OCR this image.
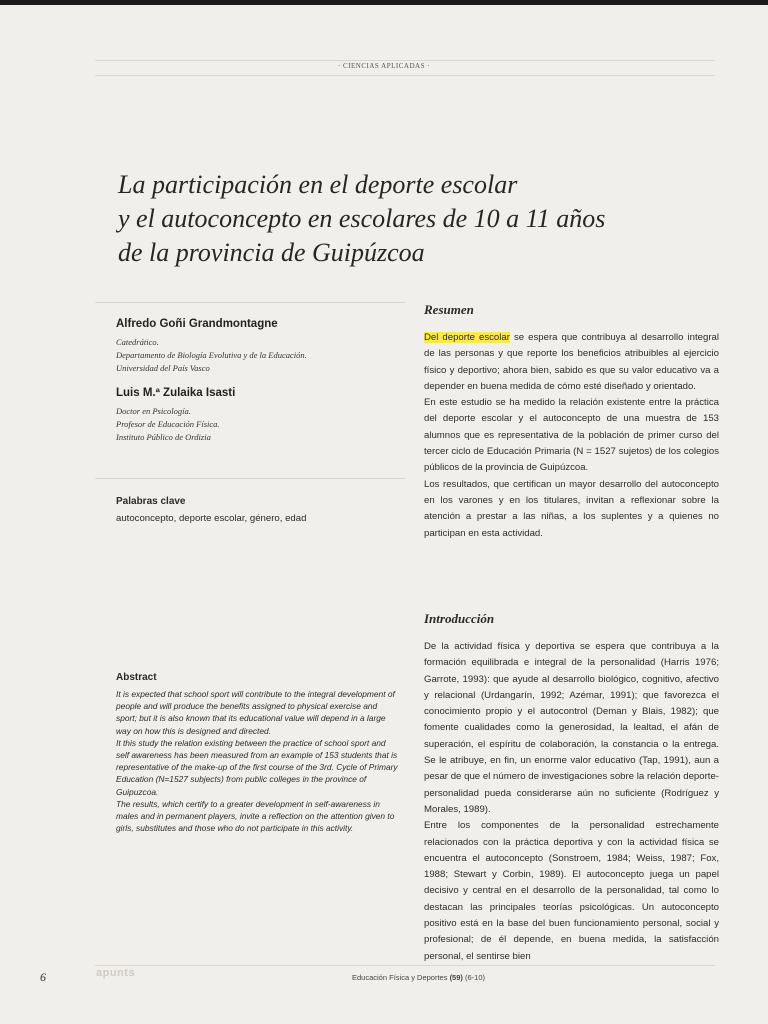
· CIENCIAS APLICADAS ·
La participación en el deporte escolar
y el autoconcepto en escolares de 10 a 11 años
de la provincia de Guipúzcoa
Alfredo Goñi Grandmontagne
Catedrático.
Departamento de Biología Evolutiva y de la Educación.
Universidad del País Vasco
Luis M.ª Zulaika Isasti
Doctor en Psicología.
Profesor de Educación Física.
Instituto Público de Ordizia
Palabras clave
autoconcepto, deporte escolar, género, edad
Abstract

It is expected that school sport will contribute to the integral development of people and will produce the benefits assigned to physical exercise and sport; but it is also known that its educational value will depend in a large way on how this is designed and directed.

It this study the relation existing between the practice of school sport and self awareness has been measured from an example of 153 students that is representative of the make-up of the first course of the 3rd. Cycle of Primary Education (N=1527 subjects) from public colleges in the province of Guipuzcoa.

The results, which certify to a greater development in self-awareness in males and in permanent players, invite a reflection on the attention given to girls, substitutes and those who do not participate in this activity.

Resumen

Del deporte escolar se espera que contribuya al desarrollo integral de las personas y que reporte los beneficios atribuibles al ejercicio físico y deportivo; ahora bien, sabido es que su valor educativo va a depender en buena medida de cómo esté diseñado y orientado.

En este estudio se ha medido la relación existente entre la práctica del deporte escolar y el autoconcepto de una muestra de 153 alumnos que es representativa de la población de primer curso del tercer ciclo de Educación Primaria (N = 1527 sujetos) de los colegios públicos de la provincia de Guipúzcoa.

Los resultados, que certifican un mayor desarrollo del autoconcepto en los varones y en los titulares, invitan a reflexionar sobre la atención a prestar a las niñas, a los suplentes y a quienes no participan en esta actividad.

Introducción

De la actividad física y deportiva se espera que contribuya a la formación equilibrada e integral de la personalidad (Harris 1976; Garrote, 1993): que ayude al desarrollo biológico, cognitivo, afectivo y relacional (Urdangarín, 1992; Azémar, 1991); que favorezca el conocimiento propio y el autocontrol (Deman y Blais, 1982); que fomente cualidades como la generosidad, la lealtad, el afán de superación, el espíritu de colaboración, la constancia o la entrega. Se le atribuye, en fin, un enorme valor educativo (Tap, 1991), aun a pesar de que el número de investigaciones sobre la relación deporte-personalidad pueda considerarse aún no suficiente (Rodríguez y Morales, 1989).

Entre los componentes de la personalidad estrechamente relacionados con la práctica deportiva y con la actividad física se encuentra el autoconcepto (Sonstroem, 1984; Weiss, 1987; Fox, 1988; Stewart y Corbin, 1989). El autoconcepto juega un papel decisivo y central en el desarrollo de la personalidad, tal como lo destacan las principales teorías psicológicas. Un autoconcepto positivo está en la base del buen funcionamiento personal, social y profesional; de él depende, en buena medida, la satisfacción personal, el sentirse bien

6	apunts	Educación Física y Deportes (59) (6-10)
